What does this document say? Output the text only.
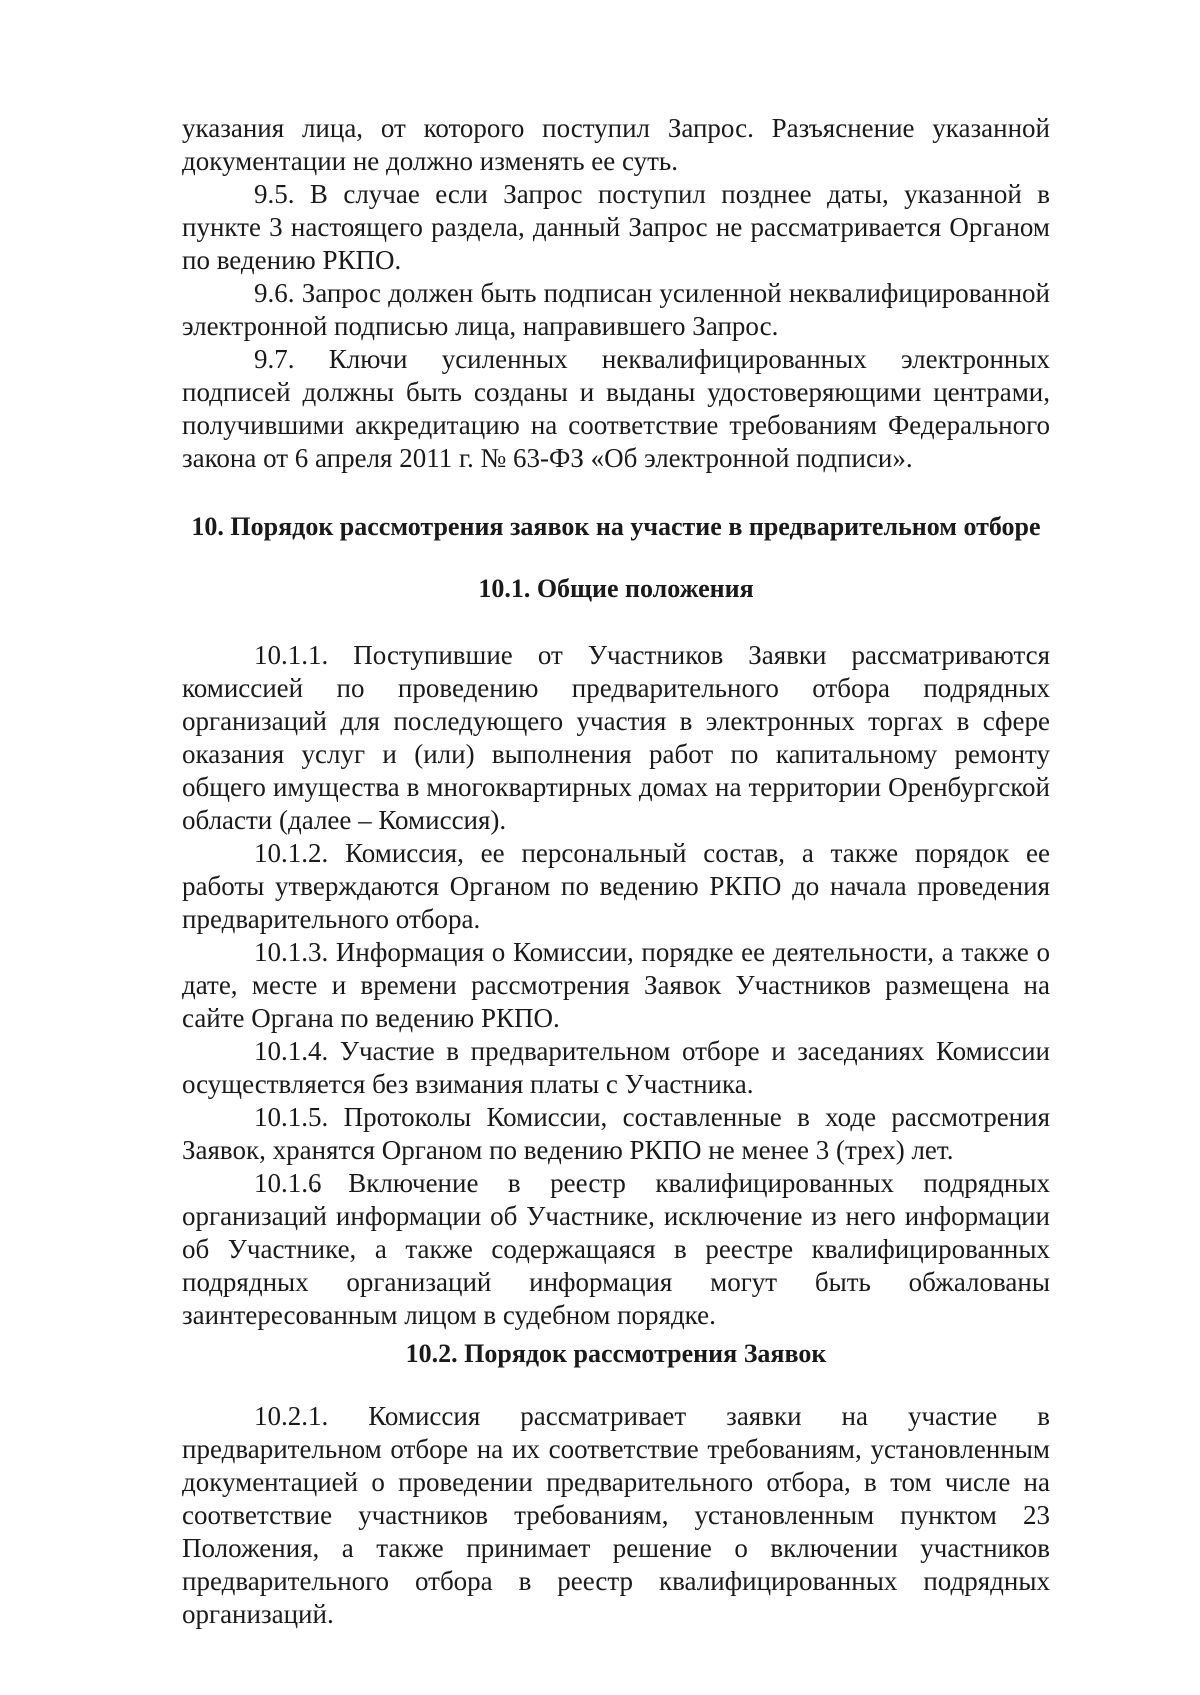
указания лица, от которого поступил Запрос. Разъяснение указанной документации не должно изменять ее суть.

9.5. В случае если Запрос поступил позднее даты, указанной в пункте 3 настоящего раздела, данный Запрос не рассматривается Органом по ведению РКПО.

9.6. Запрос должен быть подписан усиленной неквалифицированной электронной подписью лица, направившего Запрос.

9.7. Ключи усиленных неквалифицированных электронных подписей должны быть созданы и выданы удостоверяющими центрами, получившими аккредитацию на соответствие требованиям Федерального закона от 6 апреля 2011 г. № 63-ФЗ «Об электронной подписи».

10. Порядок рассмотрения заявок на участие в предварительном отборе
10.1. Общие положения

10.1.1. Поступившие от Участников Заявки рассматриваются комиссией по проведению предварительного отбора подрядных организаций для последующего участия в электронных торгах в сфере оказания услуг и (или) выполнения работ по капитальному ремонту общего имущества в многоквартирных домах на территории Оренбургской области (далее – Комиссия).

10.1.2. Комиссия, ее персональный состав, а также порядок ее работы утверждаются Органом по ведению РКПО до начала проведения предварительного отбора.

10.1.3. Информация о Комиссии, порядке ее деятельности, а также о дате, месте и времени рассмотрения Заявок Участников размещена на сайте Органа по ведению РКПО.

10.1.4. Участие в предварительном отборе и заседаниях Комиссии осуществляется без взимания платы с Участника.

10.1.5. Протоколы Комиссии, составленные в ходе рассмотрения Заявок, хранятся Органом по ведению РКПО не менее 3 (трех) лет.

10.1.6. Включение в реестр квалифицированных подрядных организаций информации об Участнике, исключение из него информации об Участнике, а также содержащаяся в реестре квалифицированных подрядных организаций информация могут быть обжалованы заинтересованным лицом в судебном порядке.

10.2. Порядок рассмотрения Заявок

10.2.1. Комиссия рассматривает заявки на участие в предварительном отборе на их соответствие требованиям, установленным документацией о проведении предварительного отбора, в том числе на соответствие участников требованиям, установленным пунктом 23 Положения, а также принимает решение о включении участников предварительного отбора в реестр квалифицированных подрядных организаций.
